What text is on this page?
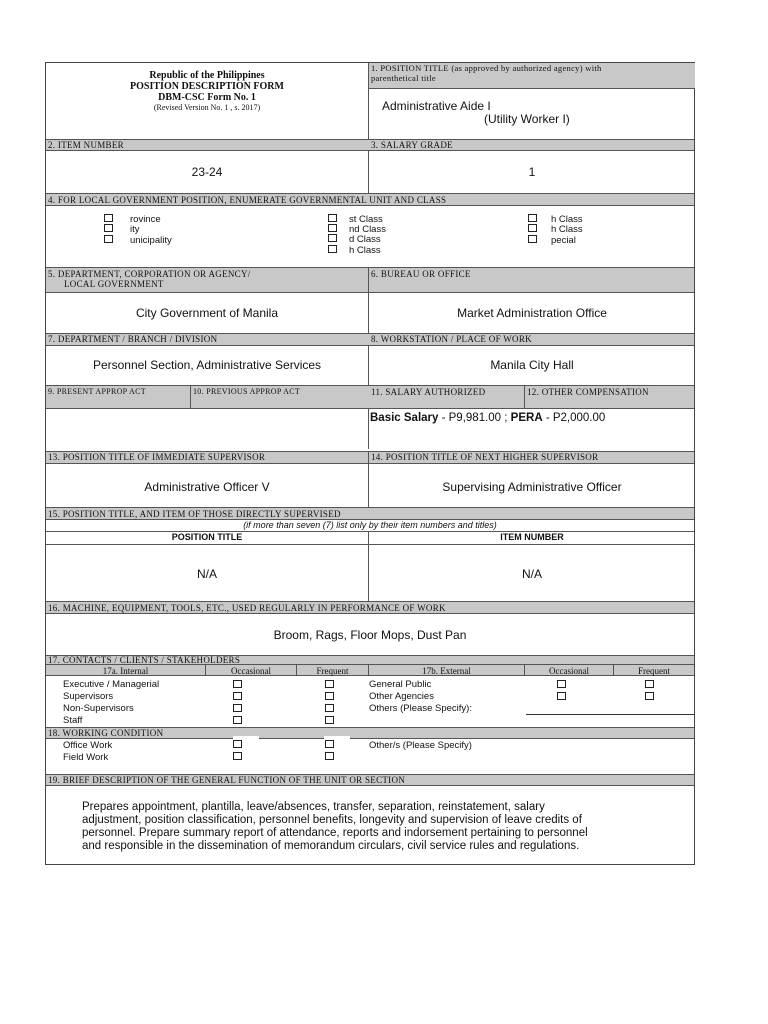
Republic of the Philippines
POSITION DESCRIPTION FORM
DBM-CSC Form No. 1
(Revised Version No. 1 , s. 2017)
1. POSITION TITLE (as approved by authorized agency) with
parenthetical title
Administrative Aide I
(Utility Worker I)
2. ITEM NUMBER	3. SALARY GRADE
23-24	1
4. FOR LOCAL GOVERNMENT POSITION, ENUMERATE GOVERNMENTAL UNIT AND CLASS
rovince
ity
unicipality
st Class
nd Class
d Class
h Class
h Class
h Class
pecial
5. DEPARTMENT, CORPORATION OR AGENCY/
LOCAL GOVERNMENT
6. BUREAU OR OFFICE
City Government of Manila	Market Administration Office
7. DEPARTMENT / BRANCH / DIVISION	8. WORKSTATION / PLACE OF WORK
Personnel Section, Administrative Services	Manila City Hall
9. PRESENT APPROP ACT	10. PREVIOUS APPROP ACT	11. SALARY AUTHORIZED	12. OTHER COMPENSATION
Basic Salary - P9,981.00 ; PERA - P2,000.00
13. POSITION TITLE OF IMMEDIATE SUPERVISOR	14. POSITION TITLE OF NEXT HIGHER SUPERVISOR
Administrative Officer V	Supervising Administrative Officer
15. POSITION TITLE, AND ITEM OF THOSE DIRECTLY SUPERVISED
(if more than seven (7) list only by their item numbers and titles)
POSITION TITLE	ITEM NUMBER
N/A	N/A
16. MACHINE, EQUIPMENT, TOOLS, ETC., USED REGULARLY IN PERFORMANCE OF WORK
Broom, Rags, Floor Mops, Dust Pan
17. CONTACTS / CLIENTS / STAKEHOLDERS
17a. Internal	Occasional	Frequent	17b. External	Occasional	Frequent
Executive / Managerial
Supervisors
Non-Supervisors
Staff
General Public
Other Agencies
Others (Please Specify):
18. WORKING CONDITION
Office Work
Field Work
Other/s (Please Specify)
19. BRIEF DESCRIPTION OF THE GENERAL FUNCTION OF THE UNIT OR SECTION
Prepares appointment, plantilla, leave/absences, transfer, separation, reinstatement, salary
adjustment, position classification, personnel benefits, longevity and supervision of leave credits of
personnel. Prepare summary report of attendance, reports and indorsement pertaining to personnel
and responsible in the dissemination of memorandum circulars, civil service rules and regulations.
